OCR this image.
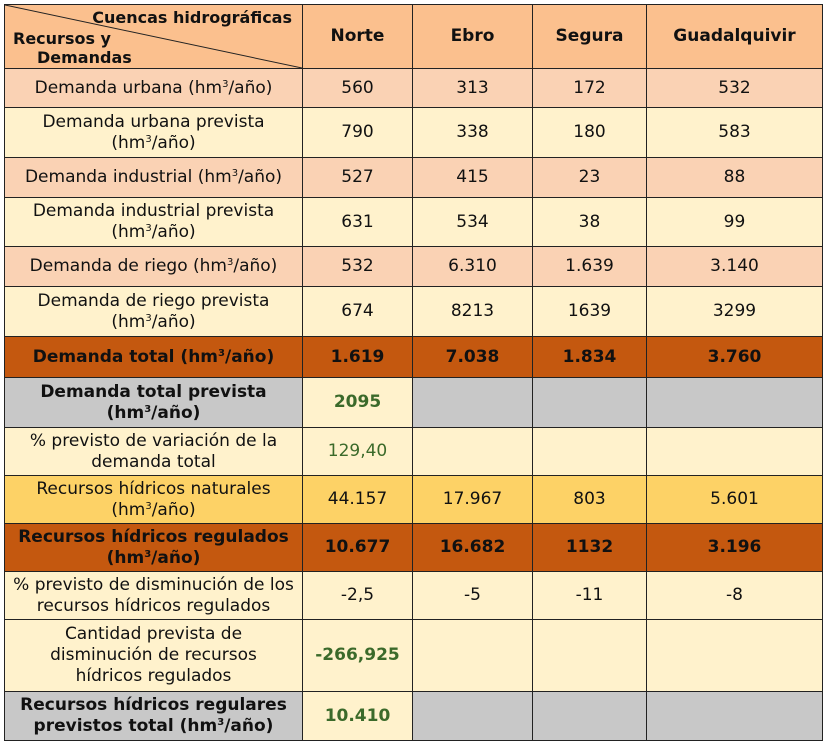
Cuencas hidrográficas
Recursos y
Demandas	Norte	Ebro	Segura	Guadalquivir
Demanda urbana $(hm^3/año)$	560	313	172	532
Demanda urbana prevista
$(hm^3/año)$	790	338	180	583
Demanda industrial $(hm^3/año)$	527	415	23	88
Demanda industrial prevista
$(hm^3/año)$	631	534	38	99
Demanda de riego $(hm^3/año)$	532	6.310	1.639	3.140
Demanda de riego prevista
$(hm^3/año)$	674	8213	1639	3299
Demanda total $(hm^3/año)$	1.619	7.038	1.834	3.760
Demanda total prevista
$(hm^3/año)$	2095			
% previsto de variación de la demanda total	129,40			
Recursos hídricos naturales
$(hm^3/año)$	44.157	17.967	803	5.601
Recursos hídricos regulados
$(hm^3/año)$	10.677	16.682	1132	3.196
% previsto de disminución de los recursos hídricos regulados	-2,5	-5	-11	-8
Cantidad prevista de disminución de recursos hídricos regulados	-266,925			
Recursos hídricos regulares
previstos total $(hm^3/año)$	10.410			
